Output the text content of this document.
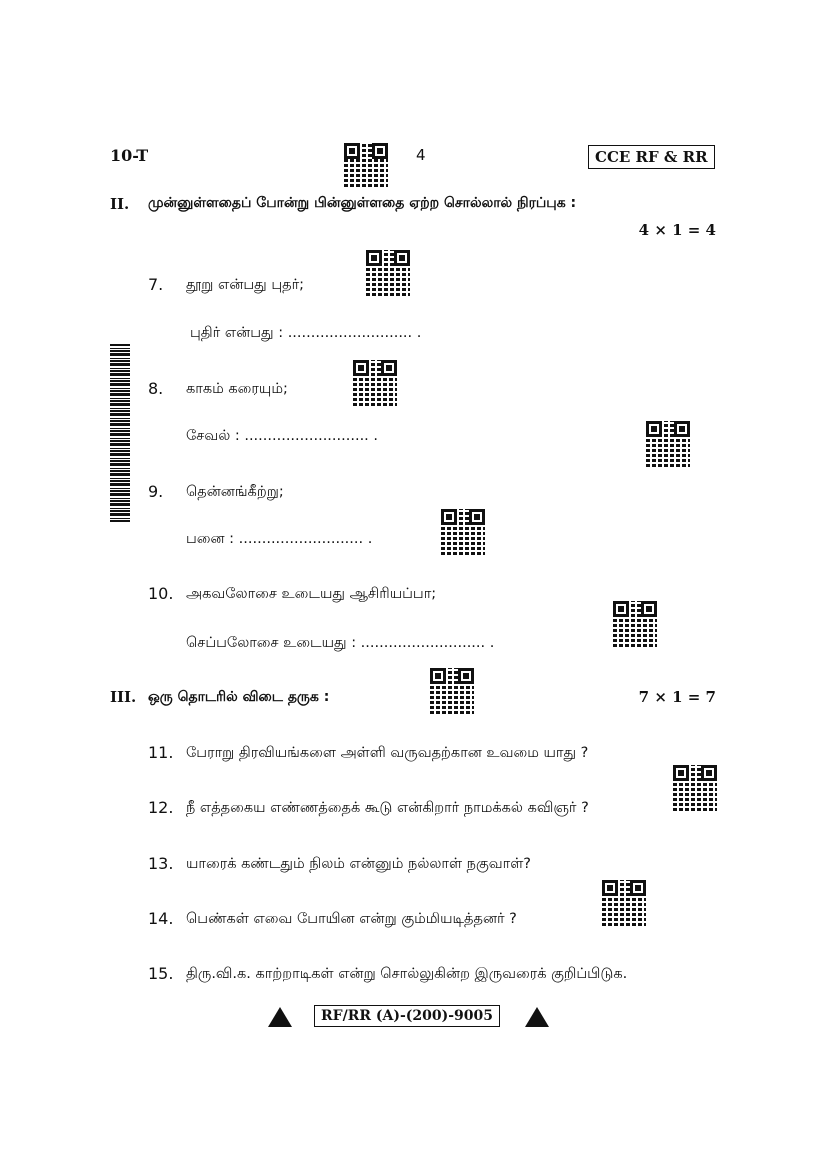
10-T	4	CCE RF & RR
II. முன்னுள்ளதைப் போன்று பின்னுள்ளதை ஏற்ற சொல்லால் நிரப்புக :
4 × 1 = 4
7. தூறு என்பது புதர்;
புதிர் என்பது : ........................... .
8. காகம் கரையும்;
சேவல் : ........................... .
9. தென்னங்கீற்று;
பனை : ........................... .
10. அகவலோசை உடையது ஆசிரியப்பா;
செப்பலோசை உடையது : ........................... .
III. ஒரு தொடரில் விடை தருக :	7 × 1 = 7
11. பேராறு திரவியங்களை அள்ளி வருவதற்கான உவமை யாது ?
12. நீ எத்தகைய எண்ணத்தைக் கூடு என்கிறார் நாமக்கல் கவிஞர் ?
13. யாரைக் கண்டதும் நிலம் என்னும் நல்லாள் நகுவாள்?
14. பெண்கள் எவை போயின என்று கும்மியடித்தனர் ?
15. திரு.வி.க. காற்றாடிகள் என்று சொல்லுகின்ற இருவரைக் குறிப்பிடுக.
RF/RR (A)-(200)-9005
